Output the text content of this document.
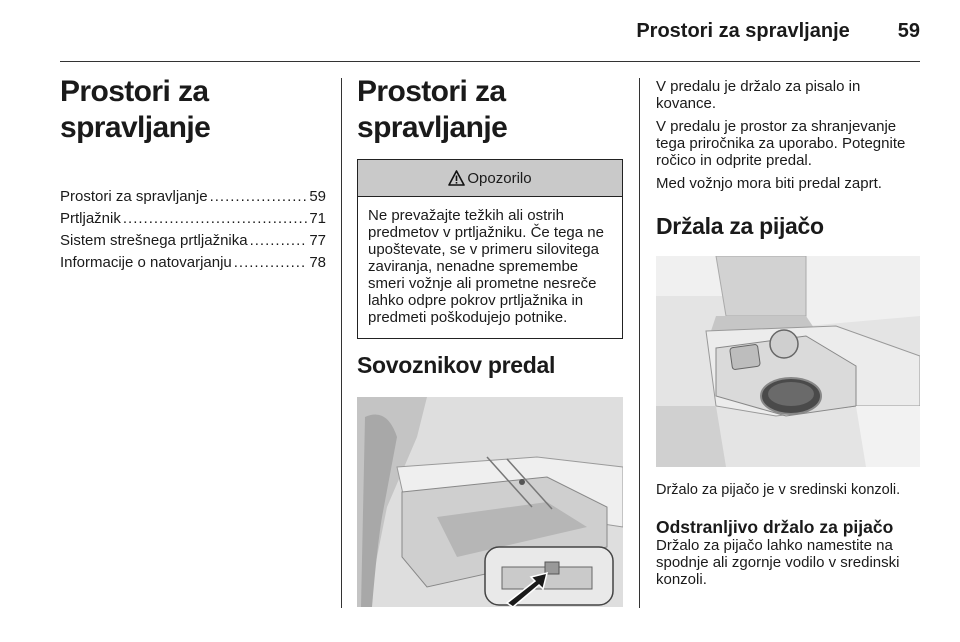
Prostori za spravljanje 59
Prostori za spravljanje
Prostori za spravljanje .....	59
Prtljažnik .....	71
Sistem strešnega prtljažnika .....	77
Informacije o natovarjanju .....	78
Prostori za spravljanje
Opozorilo

Ne prevažajte težkih ali ostrih predmetov v prtljažniku. Če tega ne upoštevate, se v primeru silovitega zaviranja, nenadne spremembe smeri vožnje ali prometne nesreče lahko odpre pokrov prtljažnika in predmeti poškodujejo potnike.

Sovoznikov predal

V predalu je držalo za pisalo in kovance.

V predalu je prostor za shranjevanje tega priročnika za uporabo. Potegnite ročico in odprite predal.

Med vožnjo mora biti predal zaprt.

Držala za pijačo

Držalo za pijačo je v sredinski konzoli.

Odstranljivo držalo za pijačo

Držalo za pijačo lahko namestite na spodnje ali zgornje vodilo v sredinski konzoli.
